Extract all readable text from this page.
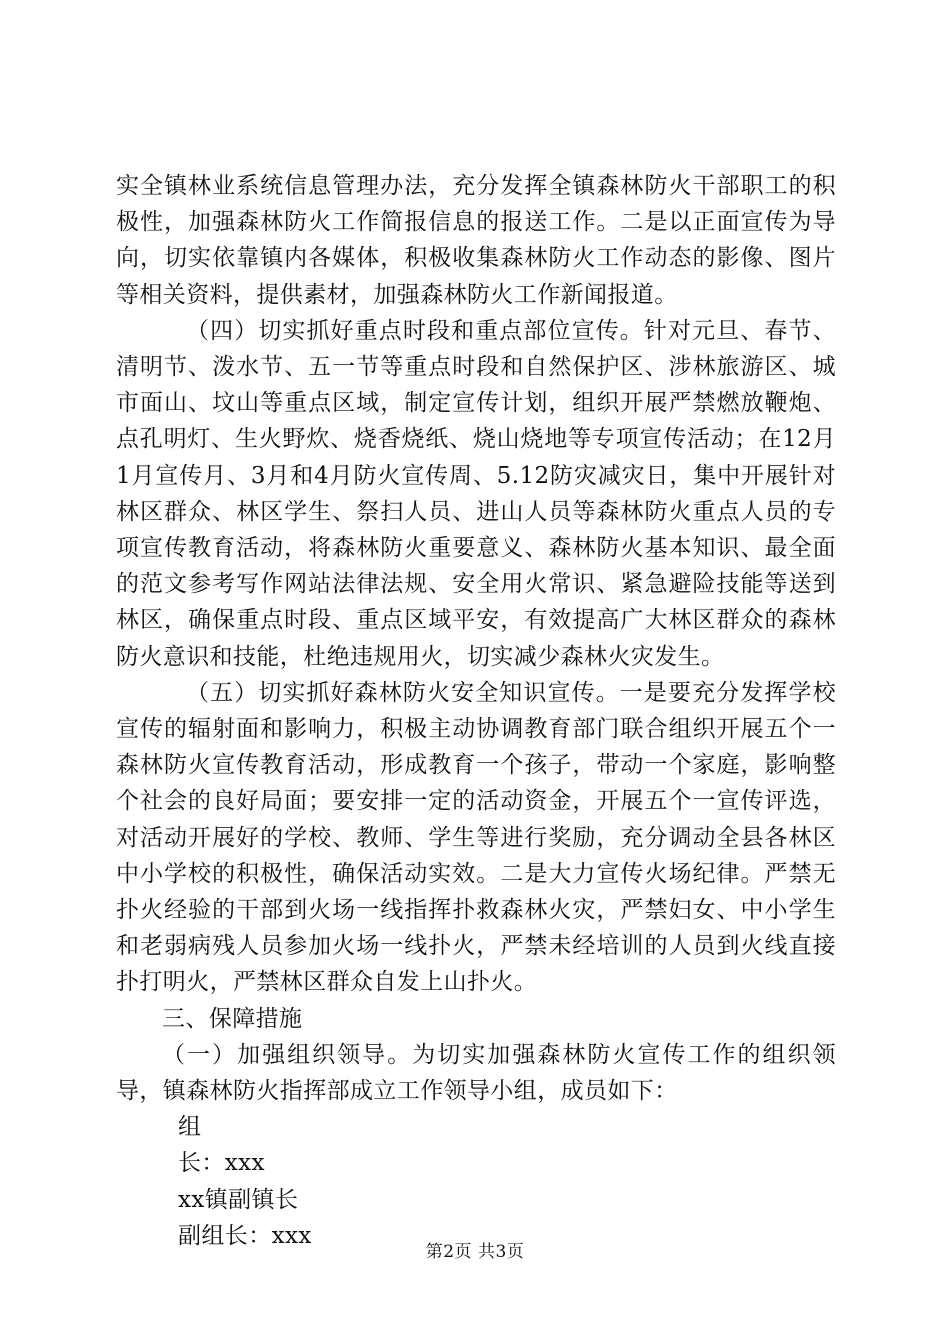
实全镇林业系统信息管理办法，充分发挥全镇森林防火干部职工的积极性，加强森林防火工作简报信息的报送工作。二是以正面宣传为导向，切实依靠镇内各媒体，积极收集森林防火工作动态的影像、图片等相关资料，提供素材，加强森林防火工作新闻报道。

（四）切实抓好重点时段和重点部位宣传。针对元旦、春节、清明节、泼水节、五一节等重点时段和自然保护区、涉林旅游区、城市面山、坟山等重点区域，制定宣传计划，组织开展严禁燃放鞭炮、点孔明灯、生火野炊、烧香烧纸、烧山烧地等专项宣传活动；在12月1月宣传月、3月和4月防火宣传周、5.12防灾减灾日，集中开展针对林区群众、林区学生、祭扫人员、进山人员等森林防火重点人员的专项宣传教育活动，将森林防火重要意义、森林防火基本知识、最全面的范文参考写作网站法律法规、安全用火常识、紧急避险技能等送到林区，确保重点时段、重点区域平安，有效提高广大林区群众的森林防火意识和技能，杜绝违规用火，切实减少森林火灾发生。

（五）切实抓好森林防火安全知识宣传。一是要充分发挥学校宣传的辐射面和影响力，积极主动协调教育部门联合组织开展五个一森林防火宣传教育活动，形成教育一个孩子，带动一个家庭，影响整个社会的良好局面；要安排一定的活动资金，开展五个一宣传评选，对活动开展好的学校、教师、学生等进行奖励，充分调动全县各林区中小学校的积极性，确保活动实效。二是大力宣传火场纪律。严禁无扑火经验的干部到火场一线指挥扑救森林火灾，严禁妇女、中小学生和老弱病残人员参加火场一线扑火，严禁未经培训的人员到火线直接扑打明火，严禁林区群众自发上山扑火。

三、保障措施

（一）加强组织领导。为切实加强森林防火宣传工作的组织领导，镇森林防火指挥部成立工作领导小组，成员如下：

组

长：xxx

xx镇副镇长

副组长：xxx

第2页 共3页
